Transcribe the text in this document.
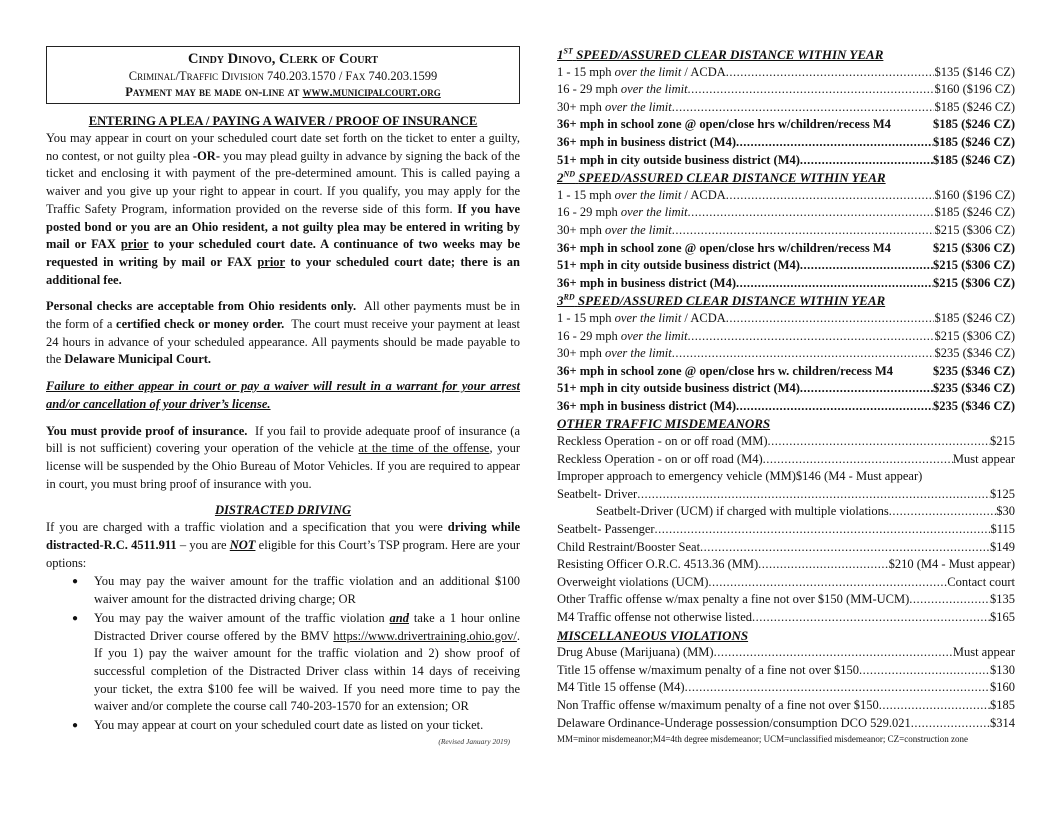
Cindy Dinovo, Clerk of Court
Criminal/Traffic Division 740.203.1570 / Fax 740.203.1599
Payment may be made on-line at www.municipalcourt.org
ENTERING A PLEA / PAYING A WAIVER / PROOF OF INSURANCE

You may appear in court on your scheduled court date set forth on the ticket to enter a guilty, no contest, or not guilty plea -OR- you may plead guilty in advance by signing the back of the ticket and enclosing it with payment of the pre-determined amount. This is called paying a waiver and you give up your right to appear in court. If you qualify, you may apply for the Traffic Safety Program, information provided on the reverse side of this form. If you have posted bond or you are an Ohio resident, a not guilty plea may be entered in writing by mail or FAX prior to your scheduled court date. A continuance of two weeks may be requested in writing by mail or FAX prior to your scheduled court date; there is an additional fee.

Personal checks are acceptable from Ohio residents only. All other payments must be in the form of a certified check or money order. The court must receive your payment at least 24 hours in advance of your scheduled appearance. All payments should be made payable to the Delaware Municipal Court.

Failure to either appear in court or pay a waiver will result in a warrant for your arrest and/or cancellation of your driver’s license.

You must provide proof of insurance. If you fail to provide adequate proof of insurance (a bill is not sufficient) covering your operation of the vehicle at the time of the offense, your license will be suspended by the Ohio Bureau of Motor Vehicles. If you are required to appear in court, you must bring proof of insurance with you.

DISTRACTED DRIVING

If you are charged with a traffic violation and a specification that you were driving while distracted-R.C. 4511.911 – you are NOT eligible for this Court’s TSP program. Here are your options:

● You may pay the waiver amount for the traffic violation and an additional $100 waiver amount for the distracted driving charge; OR
● You may pay the waiver amount of the traffic violation and take a 1 hour online Distracted Driver course offered by the BMV https://www.drivertraining.ohio.gov/. If you 1) pay the waiver amount for the traffic violation and 2) show proof of successful completion of the Distracted Driver class within 14 days of receiving your ticket, the extra $100 fee will be waived. If you need more time to pay the waiver and/or complete the course call 740-203-1570 for an extension; OR
● You may appear at court on your scheduled court date as listed on your ticket.
(Revised January 2019)
1ST SPEED/ASSURED CLEAR DISTANCE WITHIN YEAR
1 - 15 mph over the limit / ACDA .....	$135 ($146 CZ)
16 - 29 mph over the limit .....	$160 ($196 CZ)
30+ mph over the limit .....	$185 ($246 CZ)
36+ mph in school zone @ open/close hrs w/children/recess M4	$185 ($246 CZ)
36+ mph in business district (M4) .....	$185 ($246 CZ)
51+ mph in city outside business district (M4) .....	$185 ($246 CZ)
2ND SPEED/ASSURED CLEAR DISTANCE WITHIN YEAR
1 - 15 mph over the limit / ACDA .....	$160 ($196 CZ)
16 - 29 mph over the limit .....	$185 ($246 CZ)
30+ mph over the limit .....	$215 ($306 CZ)
36+ mph in school zone @ open/close hrs w/children/recess M4	$215 ($306 CZ)
51+ mph in city outside business district (M4) .....	$215 ($306 CZ)
36+ mph in business district (M4) .....	$215 ($306 CZ)
3RD SPEED/ASSURED CLEAR DISTANCE WITHIN YEAR
1 - 15 mph over the limit / ACDA .....	$185 ($246 CZ)
16 - 29 mph over the limit .....	$215 ($306 CZ)
30+ mph over the limit .....	$235 ($346 CZ)
36+ mph in school zone @ open/close hrs w. children/recess M4	$235 ($346 CZ)
51+ mph in city outside business district (M4) .....	$235 ($346 CZ)
36+ mph in business district (M4) .....	$235 ($346 CZ)
OTHER TRAFFIC MISDEMEANORS
Reckless Operation - on or off road (MM) .....	$215
Reckless Operation - on or off road (M4) .....	Must appear
Improper approach to emergency vehicle (MM)$146 (M4 - Must appear)
Seatbelt- Driver .....	$125
Seatbelt-Driver (UCM) if charged with multiple violations .....	$30
Seatbelt- Passenger .....	$115
Child Restraint/Booster Seat .....	$149
Resisting Officer O.R.C. 4513.36 (MM) .....	$210 (M4 - Must appear)
Overweight violations (UCM) .....	Contact court
Other Traffic offense w/max penalty a fine not over $150 (MM-UCM) .....	$135
M4 Traffic offense not otherwise listed .....	$165
MISCELLANEOUS VIOLATIONS
Drug Abuse (Marijuana) (MM) .....	Must appear
Title 15 offense w/maximum penalty of a fine not over $150 .....	$130
M4 Title 15 offense (M4) .....	$160
Non Traffic offense w/maximum penalty of a fine not over $150 .....	$185
Delaware Ordinance-Underage possession/consumption DCO 529.021 .....	$314
MM=minor misdemeanor;M4=4th degree misdemeanor; UCM=unclassified misdemeanor; CZ=construction zone
